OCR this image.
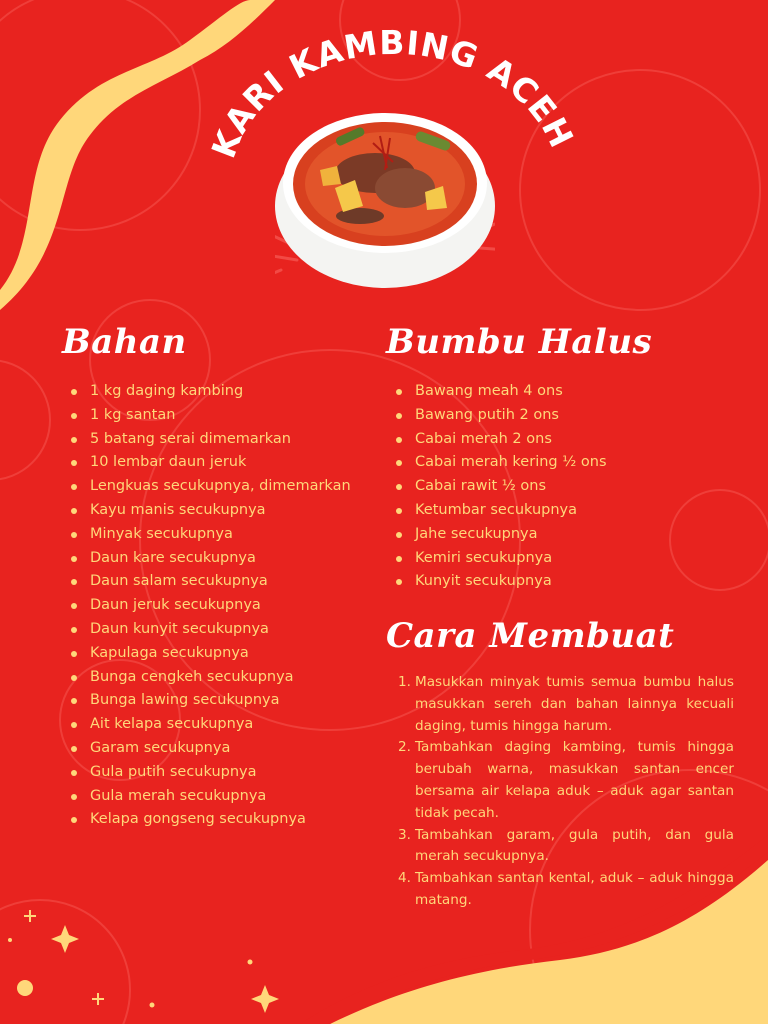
KARI KAMBING ACEH
Bahan
1 kg daging kambing
1 kg santan
5 batang serai dimemarkan
10 lembar daun jeruk
Lengkuas secukupnya, dimemarkan
Kayu manis secukupnya
Minyak secukupnya
Daun kare secukupnya
Daun salam secukupnya
Daun jeruk secukupnya
Daun kunyit secukupnya
Kapulaga secukupnya
Bunga cengkeh secukupnya
Bunga lawing secukupnya
Ait kelapa secukupnya
Garam secukupnya
Gula putih secukupnya
Gula merah secukupnya
Kelapa gongseng secukupnya
Bumbu Halus
Bawang meah 4 ons
Bawang putih 2 ons
Cabai merah 2 ons
Cabai merah kering ½ ons
Cabai rawit ½ ons
Ketumbar secukupnya
Jahe secukupnya
Kemiri secukupnya
Kunyit secukupnya
Cara Membuat
1. Masukkan minyak tumis semua bumbu halus masukkan sereh dan bahan lainnya kecuali daging, tumis hingga harum.
2. Tambahkan daging kambing, tumis hingga berubah warna, masukkan santan encer bersama air kelapa aduk – aduk agar santan tidak pecah.
3. Tambahkan garam, gula putih, dan gula merah secukupnya.
4. Tambahkan santan kental, aduk – aduk hingga matang.
